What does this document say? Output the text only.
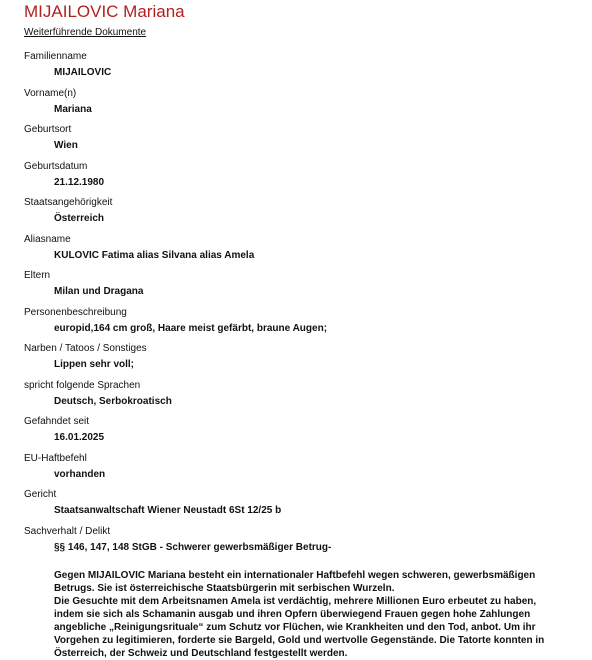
MIJAILOVIC Mariana
Weiterführende Dokumente
Familienname
MIJAILOVIC
Vorname(n)
Mariana
Geburtsort
Wien
Geburtsdatum
21.12.1980
Staatsangehörigkeit
Österreich
Aliasname
KULOVIC Fatima alias Silvana alias Amela
Eltern
Milan und Dragana
Personenbeschreibung
europid,164 cm groß, Haare meist gefärbt, braune Augen;
Narben / Tatoos / Sonstiges
Lippen sehr voll;
spricht folgende Sprachen
Deutsch, Serbokroatisch
Gefahndet seit
16.01.2025
EU-Haftbefehl
vorhanden
Gericht
Staatsanwaltschaft Wiener Neustadt 6St 12/25 b
Sachverhalt / Delikt
§§ 146, 147, 148 StGB - Schwerer gewerbsmäßiger Betrug-

Gegen MIJAILOVIC Mariana besteht ein internationaler Haftbefehl wegen schweren, gewerbsmäßigen Betrugs. Sie ist österreichische Staatsbürgerin mit serbischen Wurzeln.

Die Gesuchte mit dem Arbeitsnamen Amela ist verdächtig, mehrere Millionen Euro erbeutet zu haben, indem sie sich als Schamanin ausgab und ihren Opfern überwiegend Frauen gegen hohe Zahlungen angebliche „Reinigungsrituale“ zum Schutz vor Flüchen, wie Krankheiten und den Tod, anbot. Um ihr Vorgehen zu legitimieren, forderte sie Bargeld, Gold und wertvolle Gegenstände. Die Tatorte konnten in Österreich, der Schweiz und Deutschland festgestellt werden.
